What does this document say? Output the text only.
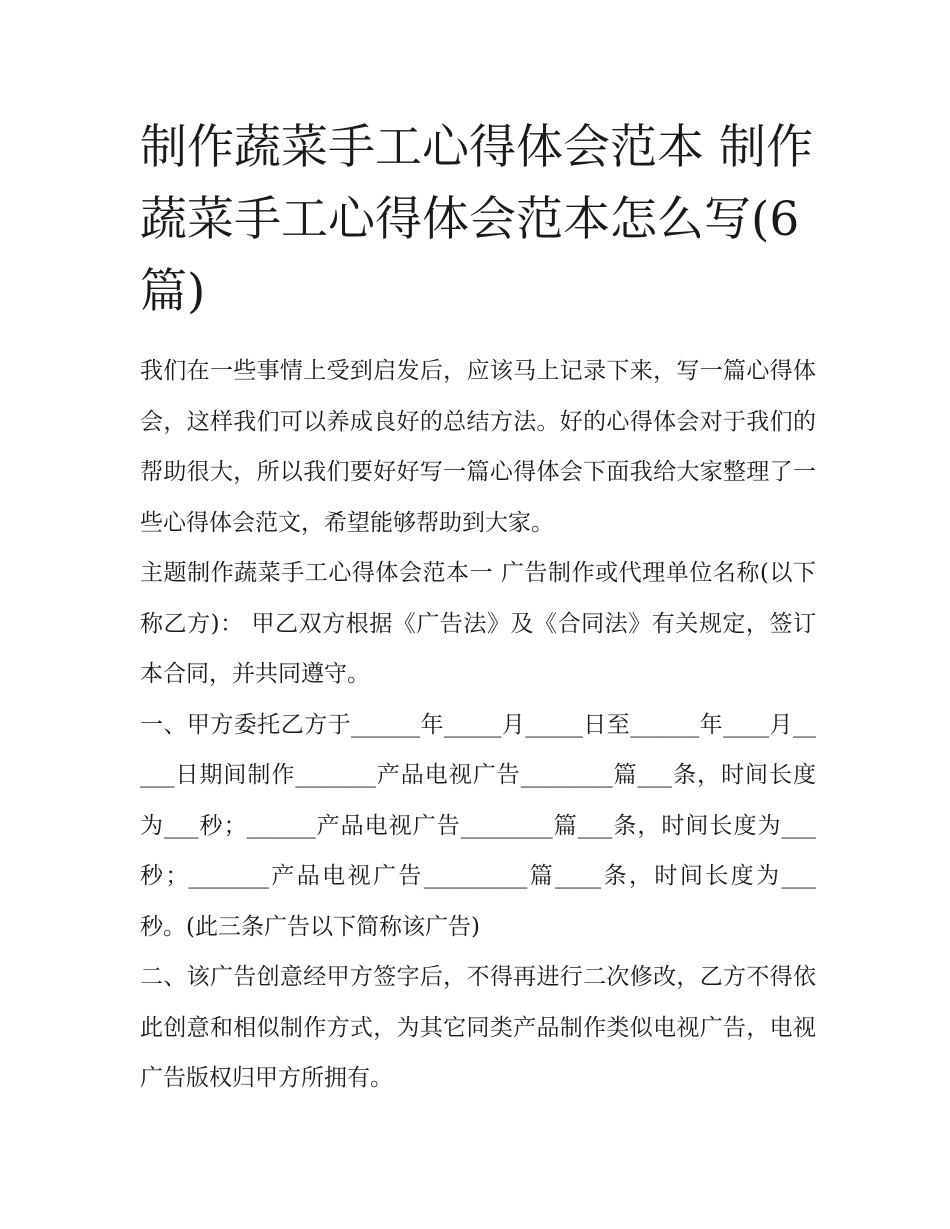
制作蔬菜手工心得体会范本 制作蔬菜手工心得体会范本怎么写(6篇)

我们在一些事情上受到启发后，应该马上记录下来，写一篇心得体会，这样我们可以养成良好的总结方法。好的心得体会对于我们的帮助很大，所以我们要好好写一篇心得体会下面我给大家整理了一些心得体会范文，希望能够帮助到大家。

主题制作蔬菜手工心得体会范本一 广告制作或代理单位名称(以下称乙方)： 甲乙双方根据《广告法》及《合同法》有关规定，签订本合同，并共同遵守。

一、甲方委托乙方于______年_____月_____日至______年____月_____日期间制作_______产品电视广告________篇___条，时间长度为___秒；______产品电视广告________篇___条，时间长度为___秒；_______产品电视广告_________篇____条，时间长度为___秒。(此三条广告以下简称该广告)

二、该广告创意经甲方签字后，不得再进行二次修改，乙方不得依此创意和相似制作方式，为其它同类产品制作类似电视广告，电视广告版权归甲方所拥有。
